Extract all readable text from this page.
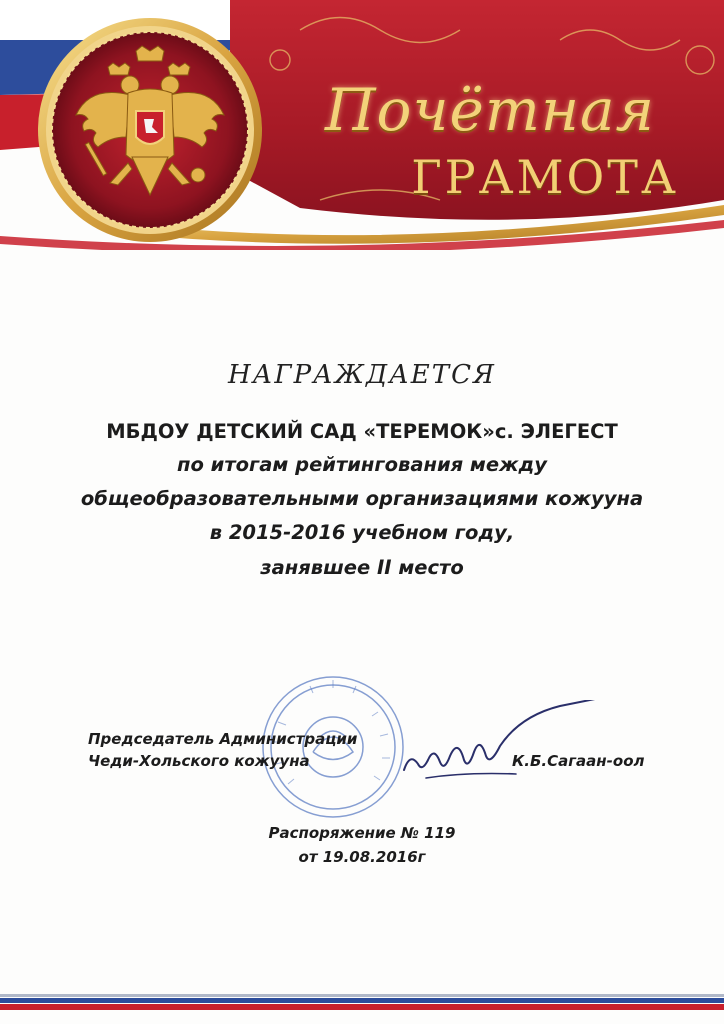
Почётная
ГРАМОТА
НАГРАЖДАЕТСЯ
МБДОУ ДЕТСКИЙ САД «ТЕРЕМОК»с. ЭЛЕГЕСТ
по итогам рейтингования между
общеобразовательными организациями кожууна
в 2015-2016 учебном году,
занявшее II место
Председатель Администрации
Чеди-Хольского кожууна	К.Б.Сагаан-оол
Распоряжение № 119
от 19.08.2016г
